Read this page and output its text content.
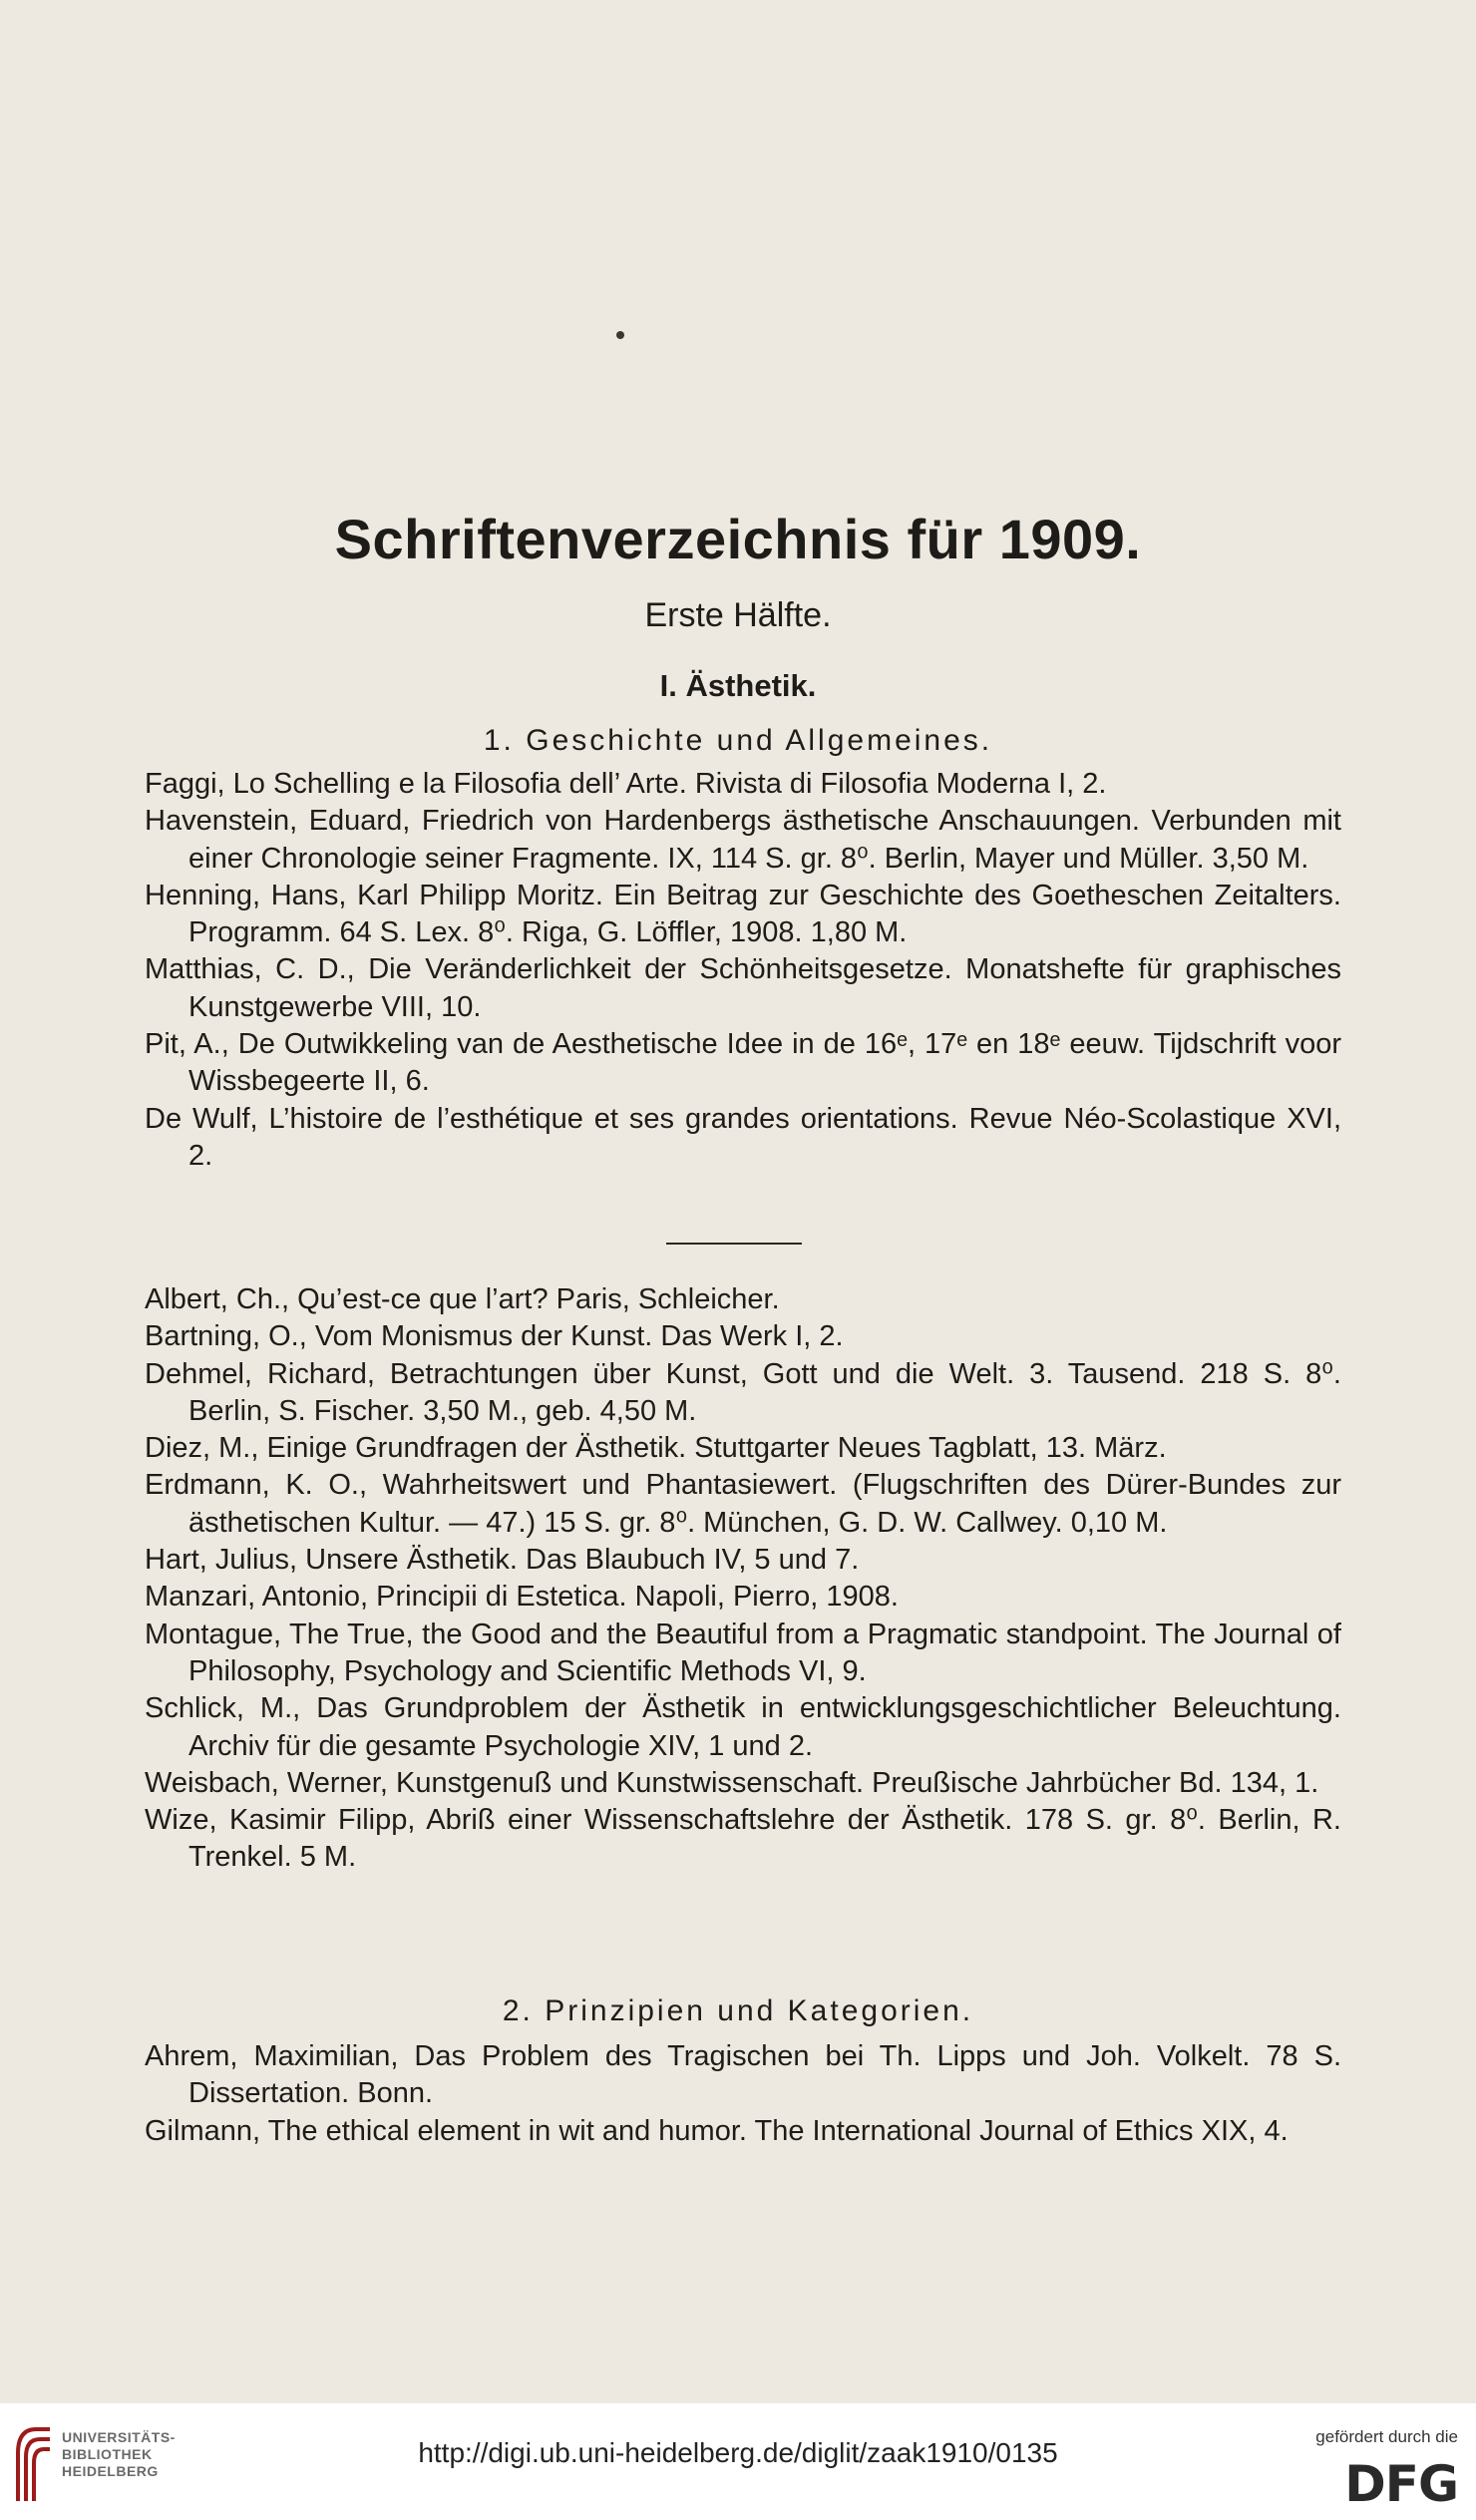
Schriftenverzeichnis für 1909.
Erste Hälfte.
I. Ästhetik.
1. Geschichte und Allgemeines.
Faggi, Lo Schelling e la Filosofia dell’ Arte. Rivista di Filosofia Moderna I, 2.
Havenstein, Eduard, Friedrich von Hardenbergs ästhetische Anschauungen. Verbunden mit einer Chronologie seiner Fragmente. IX, 114 S. gr. 8⁰. Berlin, Mayer und Müller. 3,50 M.
Henning, Hans, Karl Philipp Moritz. Ein Beitrag zur Geschichte des Goetheschen Zeitalters. Programm. 64 S. Lex. 8⁰. Riga, G. Löffler, 1908. 1,80 M.
Matthias, C. D., Die Veränderlichkeit der Schönheitsgesetze. Monatshefte für graphisches Kunstgewerbe VIII, 10.
Pit, A., De Outwikkeling van de Aesthetische Idee in de 16ᵉ, 17ᵉ en 18ᵉ eeuw. Tijdschrift voor Wissbegeerte II, 6.
De Wulf, L’histoire de l’esthétique et ses grandes orientations. Revue Néo-Scolastique XVI, 2.
Albert, Ch., Qu’est-ce que l’art? Paris, Schleicher.
Bartning, O., Vom Monismus der Kunst. Das Werk I, 2.
Dehmel, Richard, Betrachtungen über Kunst, Gott und die Welt. 3. Tausend. 218 S. 8⁰. Berlin, S. Fischer. 3,50 M., geb. 4,50 M.
Diez, M., Einige Grundfragen der Ästhetik. Stuttgarter Neues Tagblatt, 13. März.
Erdmann, K. O., Wahrheitswert und Phantasiewert. (Flugschriften des Dürer-Bundes zur ästhetischen Kultur. — 47.) 15 S. gr. 8⁰. München, G. D. W. Callwey. 0,10 M.
Hart, Julius, Unsere Ästhetik. Das Blaubuch IV, 5 und 7.
Manzari, Antonio, Principii di Estetica. Napoli, Pierro, 1908.
Montague, The True, the Good and the Beautiful from a Pragmatic standpoint. The Journal of Philosophy, Psychology and Scientific Methods VI, 9.
Schlick, M., Das Grundproblem der Ästhetik in entwicklungsgeschichtlicher Beleuchtung. Archiv für die gesamte Psychologie XIV, 1 und 2.
Weisbach, Werner, Kunstgenuß und Kunstwissenschaft. Preußische Jahrbücher Bd. 134, 1.
Wize, Kasimir Filipp, Abriß einer Wissenschaftslehre der Ästhetik. 178 S. gr. 8⁰. Berlin, R. Trenkel. 5 M.
2. Prinzipien und Kategorien.
Ahrem, Maximilian, Das Problem des Tragischen bei Th. Lipps und Joh. Volkelt. 78 S. Dissertation. Bonn.
Gilmann, The ethical element in wit and humor. The International Journal of Ethics XIX, 4.
UNIVERSITÄTS-
BIBLIOTHEK
HEIDELBERG
http://digi.ub.uni-heidelberg.de/diglit/zaak1910/0135
gefördert durch die
DFG
